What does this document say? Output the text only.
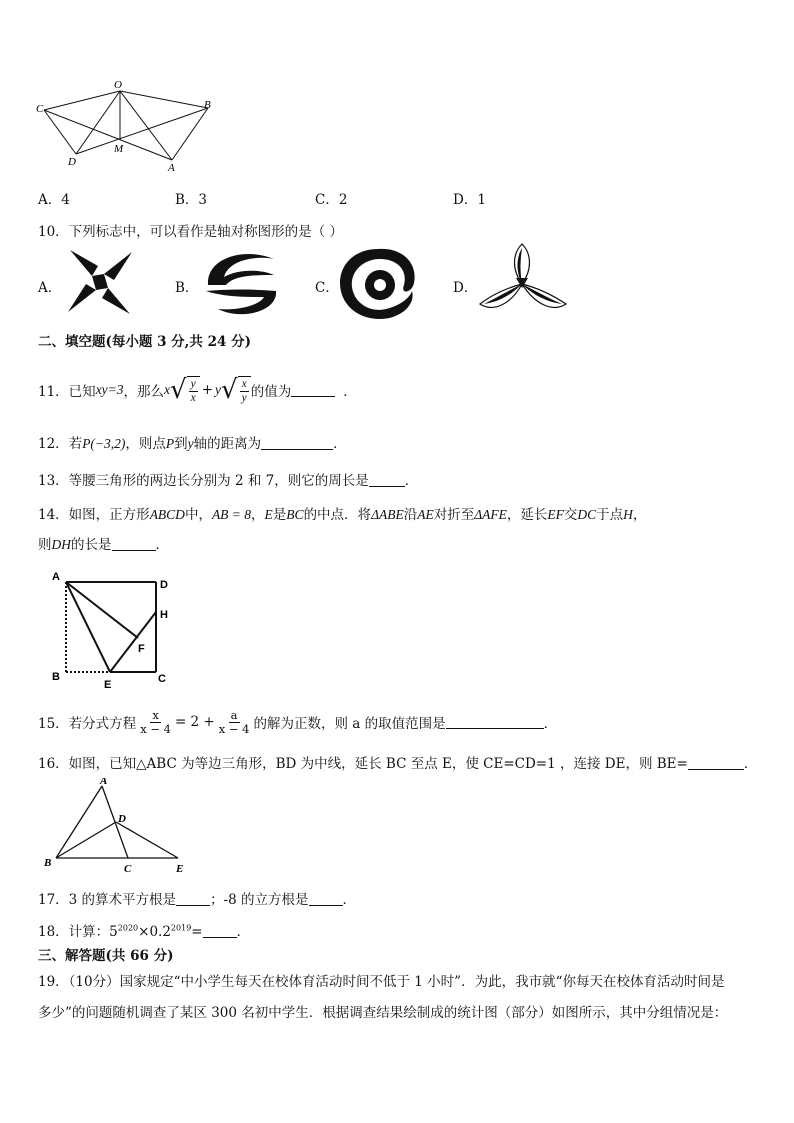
O
C	B
D
M
A
A．4	B．3	C．2	D．1
10．下列标志中，可以看作是轴对称图形的是（ ）
A．	B．	C．	D．
二、填空题(每小题 3 分,共 24 分)
11．已知 xy=3 ，那么 x √ $\frac{y}{x} + y$ √ $\frac{x}{y}$ 的值为	．
12．若P(−3,2)，则点P到y轴的距离为	．
13．等腰三角形的两边长分别为 2 和 7，则它的周长是	．
14．如图，正方形ABCD中，AB = 8，E是BC的中点．将ΔABE沿AE对折至ΔAFE，延长EF交DC于点H，
则DH的长是	．
A
D
H
F
B
E	C
15．若分式方程 $\frac{x}{x - 4} = 2 + \frac{a}{x - 4}$ 的解为正数，则 a 的取值范围是	．
16．如图，已知△ABC 为等边三角形，BD 为中线，延长 BC 至点 E，使 CE=CD=1 ，连接 DE，则 BE=	．
A
D
B	C	E
17．3 的算术平方根是	；-8 的立方根是	．
18．计算：$5^{2020}\times 0.2^{2019}=$	．
三、解答题(共 66 分)
19．（10分）国家规定“中小学生每天在校体育活动时间不低于 1 小时”．为此，我市就“你每天在校体育活动时间是
多少”的问题随机调查了某区 300 名初中学生．根据调查结果绘制成的统计图（部分）如图所示，其中分组情况是：
